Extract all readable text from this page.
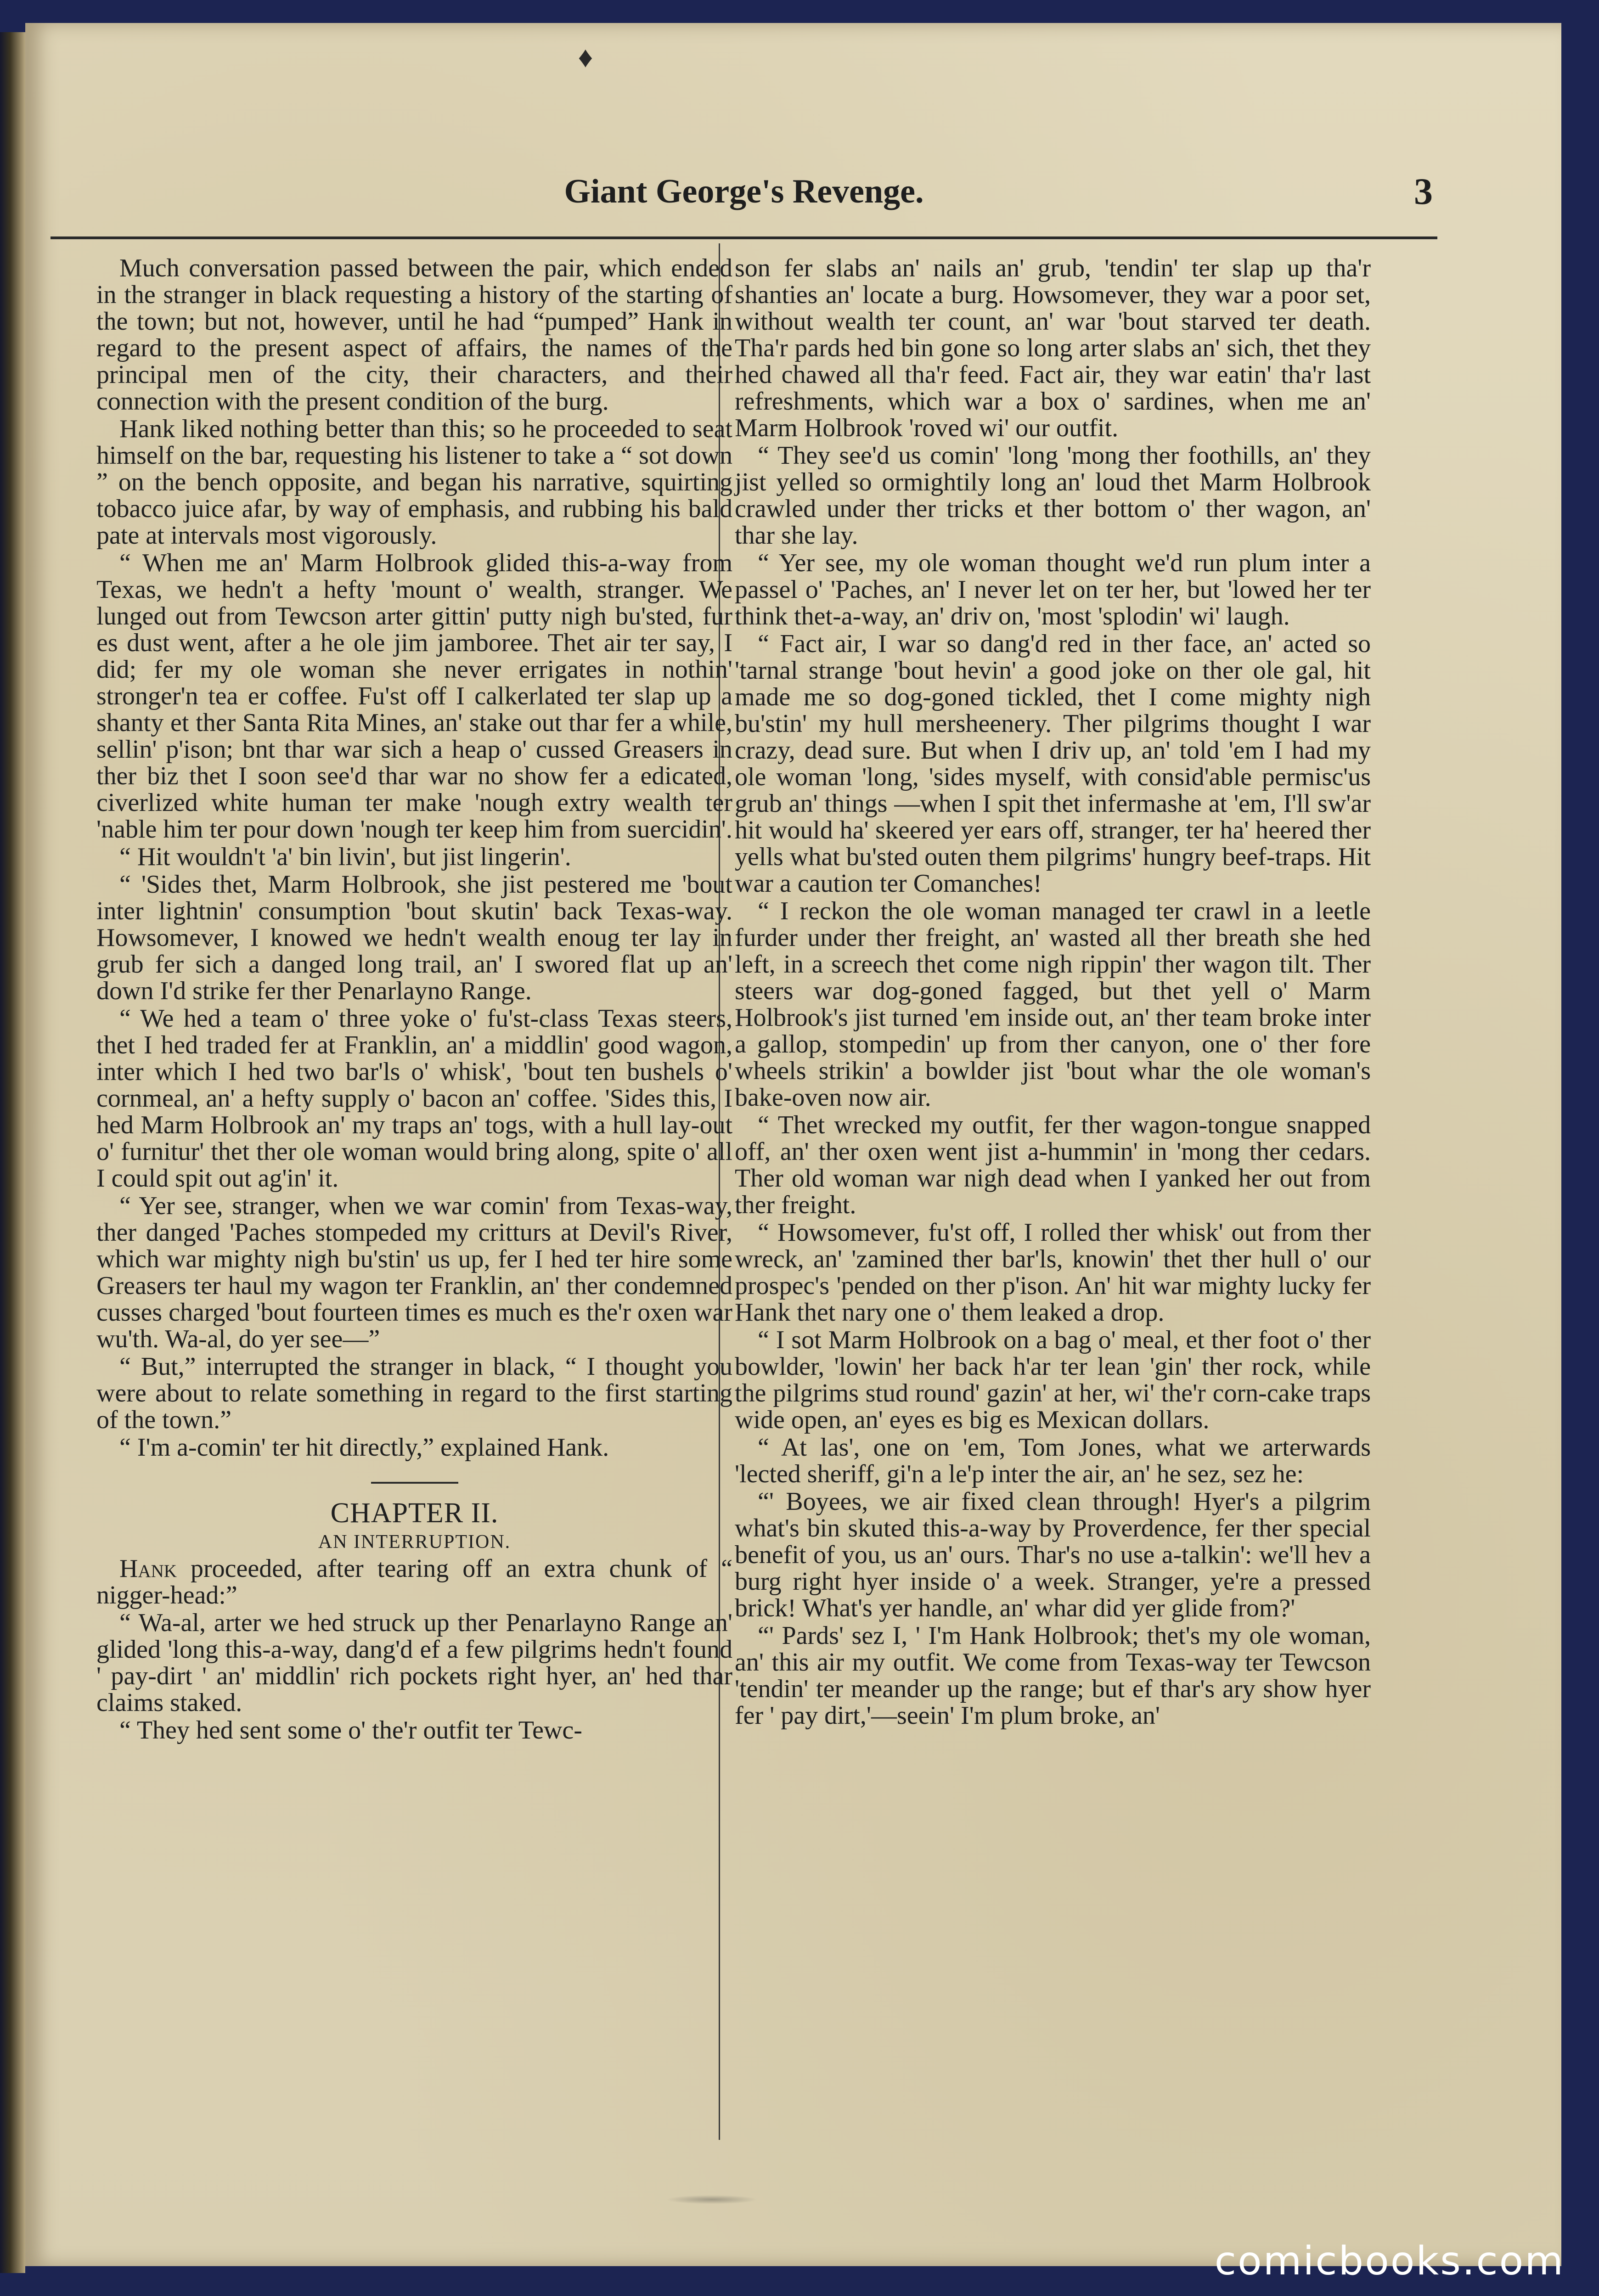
♦
Giant George's Revenge.	3

Much conversation passed between the pair, which ended in the stranger in black requesting a history of the starting of the town; but not, however, until he had “pumped” Hank in regard to the present aspect of affairs, the names of the principal men of the city, their characters, and their connection with the present condition of the burg.

Hank liked nothing better than this; so he proceeded to seat himself on the bar, requesting his listener to take a “ sot down ” on the bench opposite, and began his narrative, squirting tobacco juice afar, by way of emphasis, and rubbing his bald pate at intervals most vigorously.

“ When me an' Marm Holbrook glided this-a-way from Texas, we hedn't a hefty 'mount o' wealth, stranger. We lunged out from Tewcson arter gittin' putty nigh bu'sted, fur es dust went, after a he ole jim jamboree. Thet air ter say, I did; fer my ole woman she never errigates in nothin' stronger'n tea er coffee. Fu'st off I calkerlated ter slap up a shanty et ther Santa Rita Mines, an' stake out thar fer a while, sellin' p'ison; bnt thar war sich a heap o' cussed Greasers in ther biz thet I soon see'd thar war no show fer a edicated, civerlized white human ter make 'nough extry wealth ter 'nable him ter pour down 'nough ter keep him from suercidin'.

“ Hit wouldn't 'a' bin livin', but jist lingerin'.

“ 'Sides thet, Marm Holbrook, she jist pestered me 'bout inter lightnin' consumption 'bout skutin' back Texas-way. Howsomever, I knowed we hedn't wealth enoug ter lay in grub fer sich a danged long trail, an' I swored flat up an' down I'd strike fer ther Penarlayno Range.

“ We hed a team o' three yoke o' fu'st-class Texas steers, thet I hed traded fer at Franklin, an' a middlin' good wagon, inter which I hed two bar'ls o' whisk', 'bout ten bushels o' cornmeal, an' a hefty supply o' bacon an' coffee. 'Sides this, I hed Marm Holbrook an' my traps an' togs, with a hull lay-out o' furnitur' thet ther ole woman would bring along, spite o' all I could spit out ag'in' it.

“ Yer see, stranger, when we war comin' from Texas-way, ther danged 'Paches stompeded my critturs at Devil's River, which war mighty nigh bu'stin' us up, fer I hed ter hire some Greasers ter haul my wagon ter Franklin, an' ther condemned cusses charged 'bout fourteen times es much es the'r oxen war wu'th. Wa-al, do yer see—”

“ But,” interrupted the stranger in black, “ I thought you were about to relate something in regard to the first starting of the town.”

“ I'm a-comin' ter hit directly,” explained Hank.

CHAPTER II.

AN INTERRUPTION.

Hank proceeded, after tearing off an extra chunk of “ nigger-head:”

“ Wa-al, arter we hed struck up ther Penarlayno Range an' glided 'long this-a-way, dang'd ef a few pilgrims hedn't found ' pay-dirt ' an' middlin' rich pockets right hyer, an' hed thar claims staked.

“ They hed sent some o' the'r outfit ter Tewc-

son fer slabs an' nails an' grub, 'tendin' ter slap up tha'r shanties an' locate a burg. Howsomever, they war a poor set, without wealth ter count, an' war 'bout starved ter death. Tha'r pards hed bin gone so long arter slabs an' sich, thet they hed chawed all tha'r feed. Fact air, they war eatin' tha'r last refreshments, which war a box o' sardines, when me an' Marm Holbrook 'roved wi' our outfit.

“ They see'd us comin' 'long 'mong ther foothills, an' they jist yelled so ormightily long an' loud thet Marm Holbrook crawled under ther tricks et ther bottom o' ther wagon, an' thar she lay.

“ Yer see, my ole woman thought we'd run plum inter a passel o' 'Paches, an' I never let on ter her, but 'lowed her ter think thet-a-way, an' driv on, 'most 'splodin' wi' laugh.

“ Fact air, I war so dang'd red in ther face, an' acted so 'tarnal strange 'bout hevin' a good joke on ther ole gal, hit made me so dog-goned tickled, thet I come mighty nigh bu'stin' my hull mersheenery. Ther pilgrims thought I war crazy, dead sure. But when I driv up, an' told 'em I had my ole woman 'long, 'sides myself, with consid'able permisc'us grub an' things —when I spit thet infermashe at 'em, I'll sw'ar hit would ha' skeered yer ears off, stranger, ter ha' heered ther yells what bu'sted outen them pilgrims' hungry beef-traps. Hit war a caution ter Comanches!

“ I reckon the ole woman managed ter crawl in a leetle furder under ther freight, an' wasted all ther breath she hed left, in a screech thet come nigh rippin' ther wagon tilt. Ther steers war dog-goned fagged, but thet yell o' Marm Holbrook's jist turned 'em inside out, an' ther team broke inter a gallop, stompedin' up from ther canyon, one o' ther fore wheels strikin' a bowlder jist 'bout whar the ole woman's bake-oven now air.

“ Thet wrecked my outfit, fer ther wagon-tongue snapped off, an' ther oxen went jist a-hummin' in 'mong ther cedars. Ther old woman war nigh dead when I yanked her out from ther freight.

“ Howsomever, fu'st off, I rolled ther whisk' out from ther wreck, an' 'zamined ther bar'ls, knowin' thet ther hull o' our prospec's 'pended on ther p'ison. An' hit war mighty lucky fer Hank thet nary one o' them leaked a drop.

“ I sot Marm Holbrook on a bag o' meal, et ther foot o' ther bowlder, 'lowin' her back h'ar ter lean 'gin' ther rock, while the pilgrims stud round' gazin' at her, wi' the'r corn-cake traps wide open, an' eyes es big es Mexican dollars.

“ At las', one on 'em, Tom Jones, what we arterwards 'lected sheriff, gi'n a le'p inter the air, an' he sez, sez he:

“' Boyees, we air fixed clean through! Hyer's a pilgrim what's bin skuted this-a-way by Proverdence, fer ther special benefit of you, us an' ours. Thar's no use a-talkin': we'll hev a burg right hyer inside o' a week. Stranger, ye're a pressed brick! What's yer handle, an' whar did yer glide from?'

“' Pards' sez I, ' I'm Hank Holbrook; thet's my ole woman, an' this air my outfit. We come from Texas-way ter Tewcson 'tendin' ter meander up the range; but ef thar's ary show hyer fer ' pay dirt,'—seein' I'm plum broke, an'

comicbooks.com
